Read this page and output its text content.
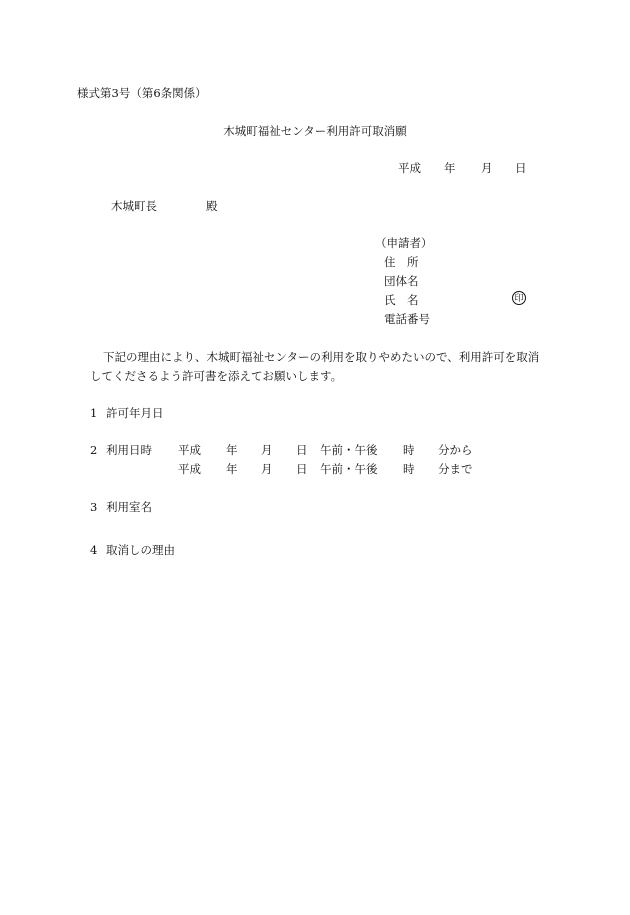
様式第3号（第6条関係）
木城町福祉センター利用許可取消願
平成 年 月 日
木城町長	殿
（申請者）
住　所
団体名
氏　名	印
電話番号
下記の理由により、木城町福祉センターの利用を取りやめたいので、利用許可を取消
してくださるよう許可書を添えてお願いします。
1 許可年月日
2 利用日時 平成 年 月 日 午前・午後 時 分から
平成 年 月 日 午前・午後 時 分まで
3 利用室名
4 取消しの理由
